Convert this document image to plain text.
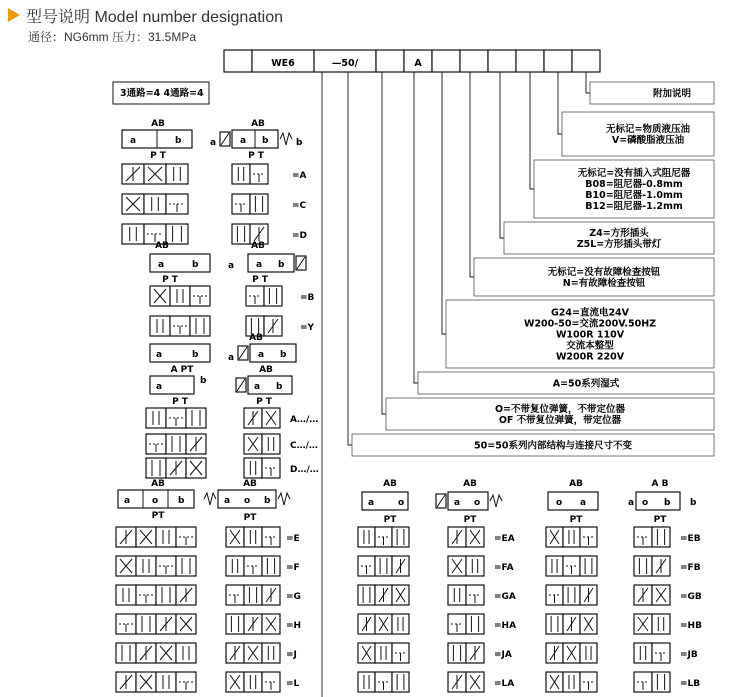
型号说明 Model number designation
通径：NG6mm 压力：31.5MPa
WE6	—50/	A
3通路=4 4通路=4	附加说明
无标记=物质液压油
V=磷酸脂液压油
无标记=没有插入式阻尼器
B08=阻尼器-0.8mm
B10=阻尼器-1.0mm
B12=阻尼器-1.2mm
Z4=方形插头
Z5L=方形插头带灯
无标记=没有故障检查按钮
N=有故障检查按钮
G24=直流电24V
W200-50=交流200V.50HZ
W100R 110V
交流本整型
W200R 220V
A=50系列湿式
O=不带复位弹簧，不带定位器
OF 不带复位弹簧，带定位器
50=50系列内部结构与连接尺寸不变
AB
a	b
P T
AB
a	a b	b
P T
=A
=C
=D
AB
a	b
P T
AB
a a b
P T
=B
=Y
a	b	a	a b
AB
A PT
a
b
AB
a b
P T	P T
A…/…
C…/…
D…/…
AB
a o b
PT
AB
a o b
PT
=E
=F
=G
=H
=J
=L
AB
PT
AB
PT
AB
PT
A B
PT
a	o	a o	o a	a o b b
=EA	=EB
=FA	=FB
=GA	=GB
=HA	=HB
=JA	=JB
=LA	=LB
